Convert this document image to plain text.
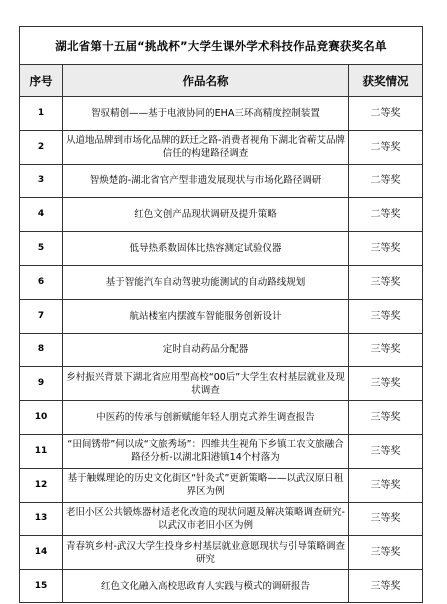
湖北省第十五届“挑战杯”大学生课外学术科技作品竞赛获奖名单		
序号	作品名称	获奖情况
1	智驭精创——基于电液协同的EHA三环高精度控制装置	二等奖
2	从道地品牌到市场化品牌的跃迁之路-消费者视角下湖北省蕲艾品牌信任的构建路径调查	二等奖
3	智焕楚韵-湖北省官产型非遗发展现状与市场化路径调研	二等奖
4	红色文创产品现状调研及提升策略	二等奖
5	低导热系数固体比热容测定试验仪器	三等奖
6	基于智能汽车自动驾驶功能测试的自动路线规划	三等奖
7	航站楼室内摆渡车智能服务创新设计	三等奖
8	定时自动药品分配器	三等奖
9	乡村振兴背景下湖北省应用型高校“00后”大学生农村基层就业及现状调查	三等奖
10	中医药的传承与创新赋能年轻人朋克式养生调查报告	三等奖
11	“田间锈带”何以成“文旅秀场”：四维共生视角下乡镇工农文旅融合路径分析-以湖北阳港镇14个村落为	三等奖
12	基于触媒理论的历史文化街区“针灸式”更新策略——以武汉原日租界区为例	三等奖
13	老旧小区公共锻炼器材适老化改造的现状问题及解决策略调查研究-以武汉市老旧小区为例	三等奖
14	青春筑乡村-武汉大学生投身乡村基层就业意愿现状与引导策略调查研究	三等奖
15	红色文化融入高校思政育人实践与模式的调研报告	三等奖
